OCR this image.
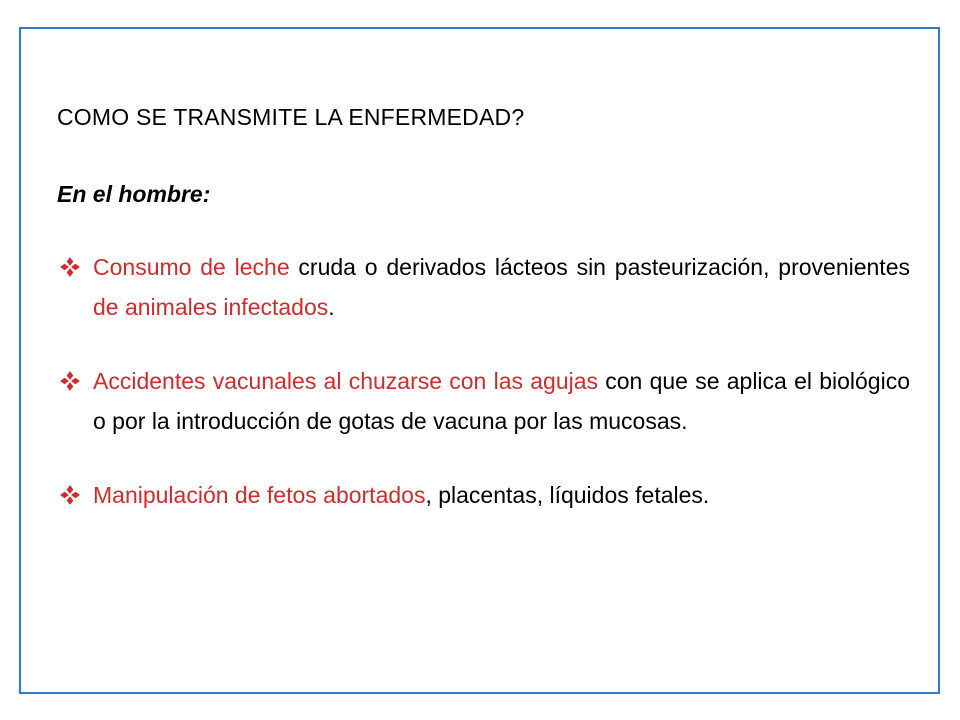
COMO SE TRANSMITE LA ENFERMEDAD?

En el hombre:

Consumo de leche cruda o derivados lácteos sin pasteurización, provenientes de animales infectados.
Accidentes vacunales al chuzarse con las agujas con que se aplica el biológico o por la introducción de gotas de vacuna por las mucosas.
Manipulación de fetos abortados, placentas, líquidos fetales.
